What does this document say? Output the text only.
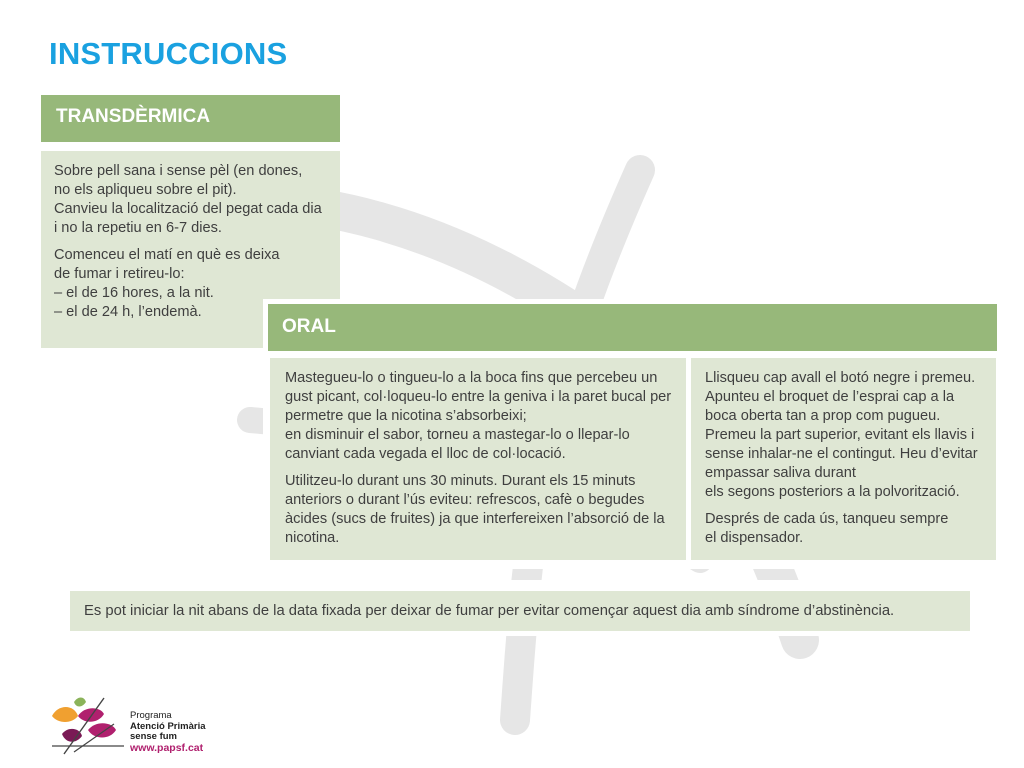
INSTRUCCIONS
TRANSDÈRMICA

Sobre pell sana i sense pèl (en dones,
no els apliqueu sobre el pit).
Canvieu la localització del pegat cada dia
i no la repetiu en 6-7 dies.

Comenceu el matí en què es deixa
de fumar i retireu-lo:
– el de 16 hores, a la nit.
– el de 24 h, l’endemà.

ORAL

Mastegueu-lo o tingueu-lo a la boca fins que percebeu un
gust picant, col·loqueu-lo entre la geniva i la paret bucal per
permetre que la nicotina s’absorbeixi;
en disminuir el sabor, torneu a mastegar-lo o llepar-lo
canviant cada vegada el lloc de col·locació.

Utilitzeu-lo durant uns 30 minuts. Durant els 15 minuts
anteriors o durant l’ús eviteu: refrescos, cafè o begudes
àcides (sucs de fruites) ja que interfereixen l’absorció de la
nicotina.

Llisqueu cap avall el botó negre i premeu.
Apunteu el broquet de l’esprai cap a la
boca oberta tan a prop com pugueu.
Premeu la part superior, evitant els llavis i
sense inhalar-ne el contingut. Heu d’evitar
empassar saliva durant
els segons posteriors a la polvorització.

Després de cada ús, tanqueu sempre
el dispensador.

Es pot iniciar la nit abans de la data fixada per deixar de fumar per evitar començar aquest dia amb síndrome d’abstinència.
Programa
Atenció Primària
sense fum
www.papsf.cat
